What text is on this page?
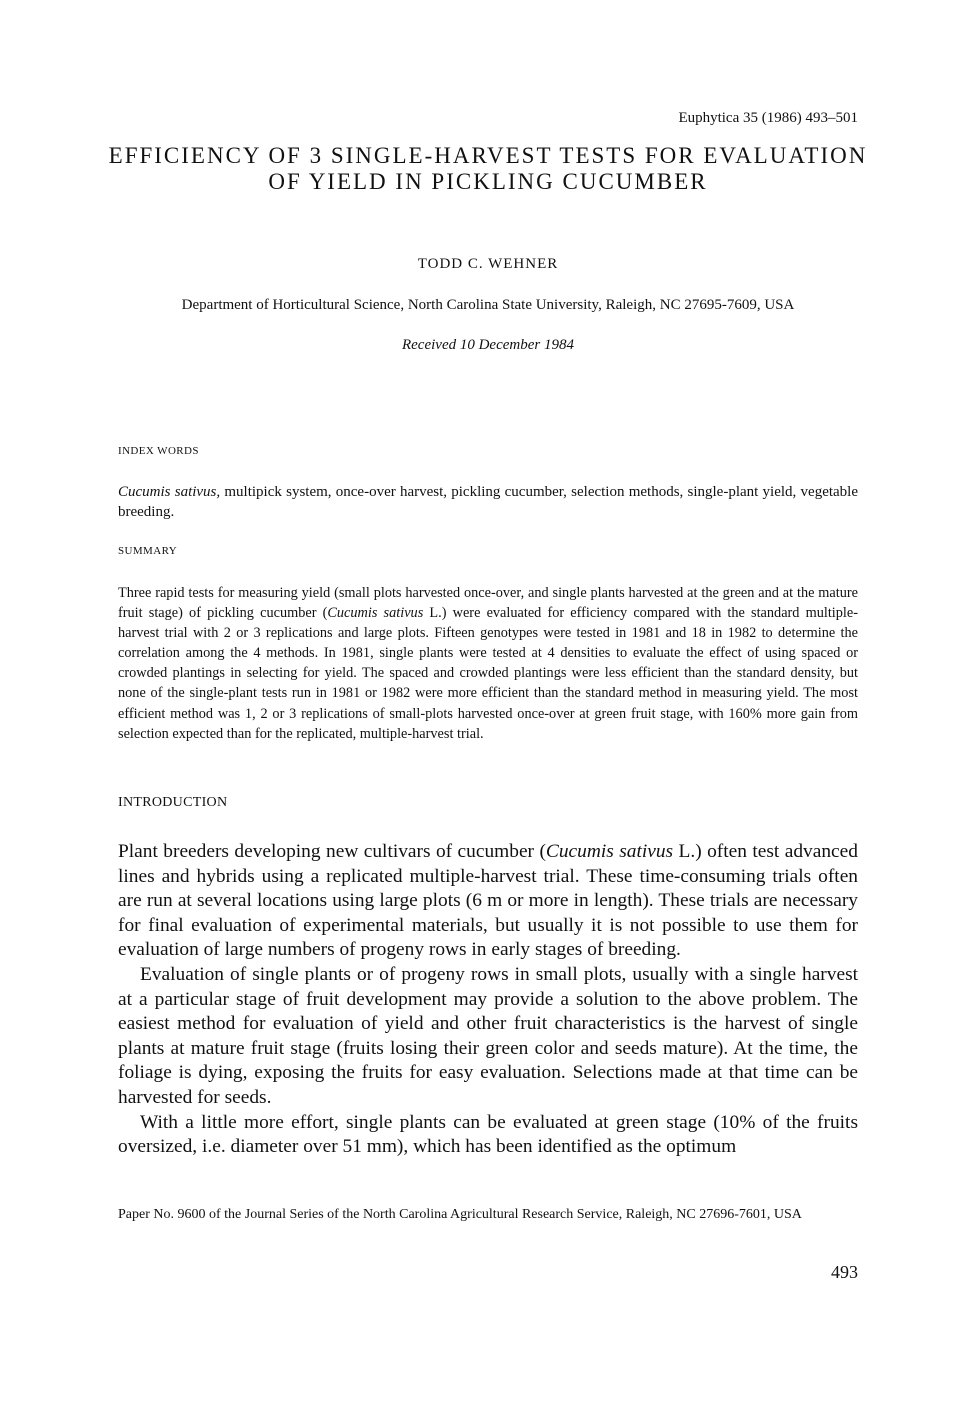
Euphytica 35 (1986) 493–501
EFFICIENCY OF 3 SINGLE-HARVEST TESTS FOR EVALUATION OF YIELD IN PICKLING CUCUMBER
TODD C. WEHNER
Department of Horticultural Science, North Carolina State University, Raleigh, NC 27695-7609, USA
Received 10 December 1984
INDEX WORDS
Cucumis sativus, multipick system, once-over harvest, pickling cucumber, selection methods, single-plant yield, vegetable breeding.
SUMMARY
Three rapid tests for measuring yield (small plots harvested once-over, and single plants harvested at the green and at the mature fruit stage) of pickling cucumber (Cucumis sativus L.) were evaluated for efficiency compared with the standard multiple-harvest trial with 2 or 3 replications and large plots. Fifteen genotypes were tested in 1981 and 18 in 1982 to determine the correlation among the 4 methods. In 1981, single plants were tested at 4 densities to evaluate the effect of using spaced or crowded plantings in selecting for yield. The spaced and crowded plantings were less efficient than the standard density, but none of the single-plant tests run in 1981 or 1982 were more efficient than the standard method in measuring yield. The most efficient method was 1, 2 or 3 replications of small-plots harvested once-over at green fruit stage, with 160% more gain from selection expected than for the replicated, multiple-harvest trial.
INTRODUCTION

Plant breeders developing new cultivars of cucumber (Cucumis sativus L.) often test advanced lines and hybrids using a replicated multiple-harvest trial. These time-consuming trials often are run at several locations using large plots (6 m or more in length). These trials are necessary for final evaluation of experimental materials, but usually it is not possible to use them for evaluation of large numbers of progeny rows in early stages of breeding.

Evaluation of single plants or of progeny rows in small plots, usually with a single harvest at a particular stage of fruit development may provide a solution to the above problem. The easiest method for evaluation of yield and other fruit characteristics is the harvest of single plants at mature fruit stage (fruits losing their green color and seeds mature). At the time, the foliage is dying, exposing the fruits for easy evaluation. Selections made at that time can be harvested for seeds.

With a little more effort, single plants can be evaluated at green stage (10% of the fruits oversized, i.e. diameter over 51 mm), which has been identified as the optimum

Paper No. 9600 of the Journal Series of the North Carolina Agricultural Research Service, Raleigh, NC 27696-7601, USA
493
